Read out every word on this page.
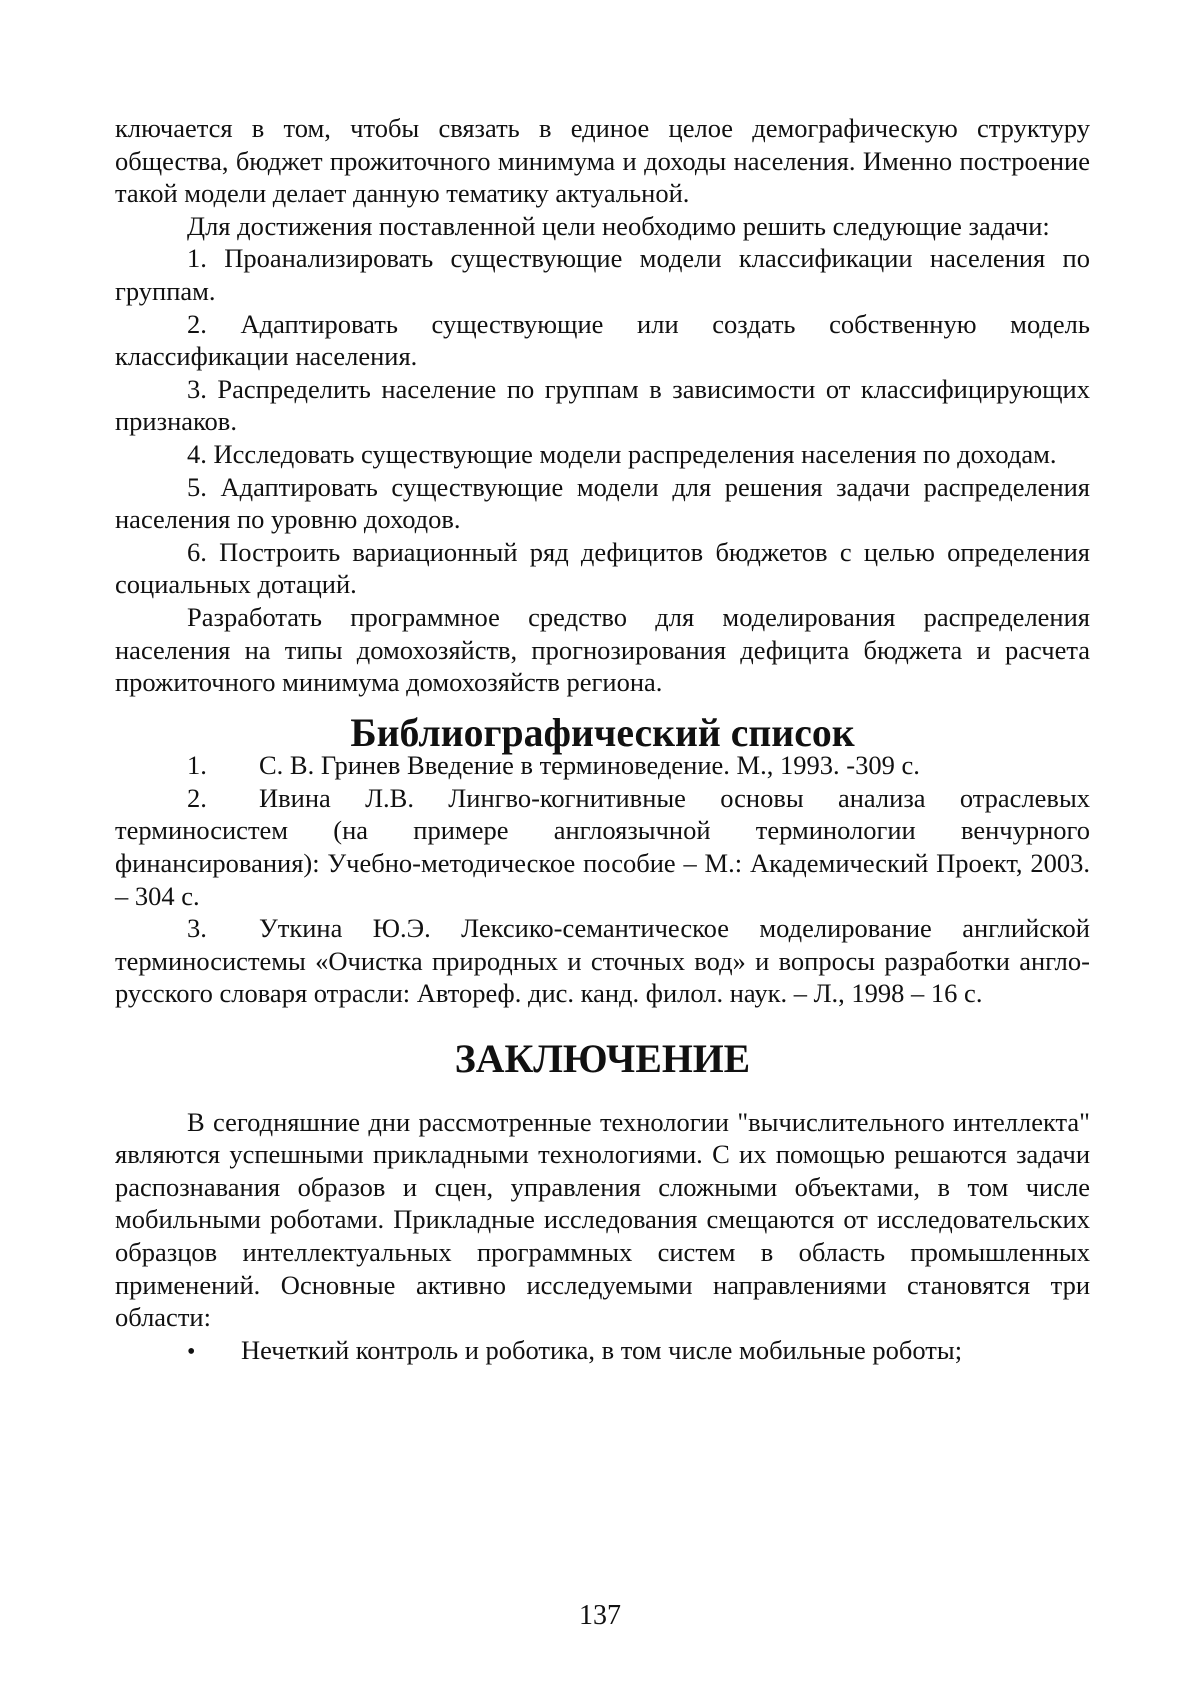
ключается в том, чтобы связать в единое целое демографическую структуру общества, бюджет прожиточного минимума и доходы населения. Именно построение такой модели делает данную тематику актуальной.

Для достижения поставленной цели необходимо решить следующие задачи:

1. Проанализировать существующие модели классификации населения по группам.

2. Адаптировать существующие или создать собственную модель классификации населения.

3. Распределить население по группам в зависимости от классифицирующих признаков.

4. Исследовать существующие модели распределения населения по доходам.

5. Адаптировать существующие модели для решения задачи распределения населения по уровню доходов.

6. Построить вариационный ряд дефицитов бюджетов с целью определения социальных дотаций.

Разработать программное средство для моделирования распределения населения на типы домохозяйств, прогнозирования дефицита бюджета и расчета прожиточного минимума домохозяйств региона.

Библиографический список

1. С. В. Гринев Введение в терминоведение. М., 1993. -309 с.

2. Ивина Л.В. Лингво-когнитивные основы анализа отраслевых терминосистем (на примере англоязычной терминологии венчурного финансирования): Учебно-методическое пособие – М.: Академический Проект, 2003. – 304 с.

3. Уткина Ю.Э. Лексико-семантическое моделирование английской терминосистемы «Очистка природных и сточных вод» и вопросы разработки англо-русского словаря отрасли: Автореф. дис. канд. филол. наук. – Л., 1998 – 16 с.

ЗАКЛЮЧЕНИЕ

В сегодняшние дни рассмотренные технологии "вычислительного интеллекта" являются успешными прикладными технологиями. С их помощью решаются задачи распознавания образов и сцен, управления сложными объектами, в том числе мобильными роботами. Прикладные исследования смещаются от исследовательских образцов интеллектуальных программных систем в область промышленных применений. Основные активно исследуемыми направлениями становятся три области:

•	Нечеткий контроль и роботика, в том числе мобильные роботы;
137
